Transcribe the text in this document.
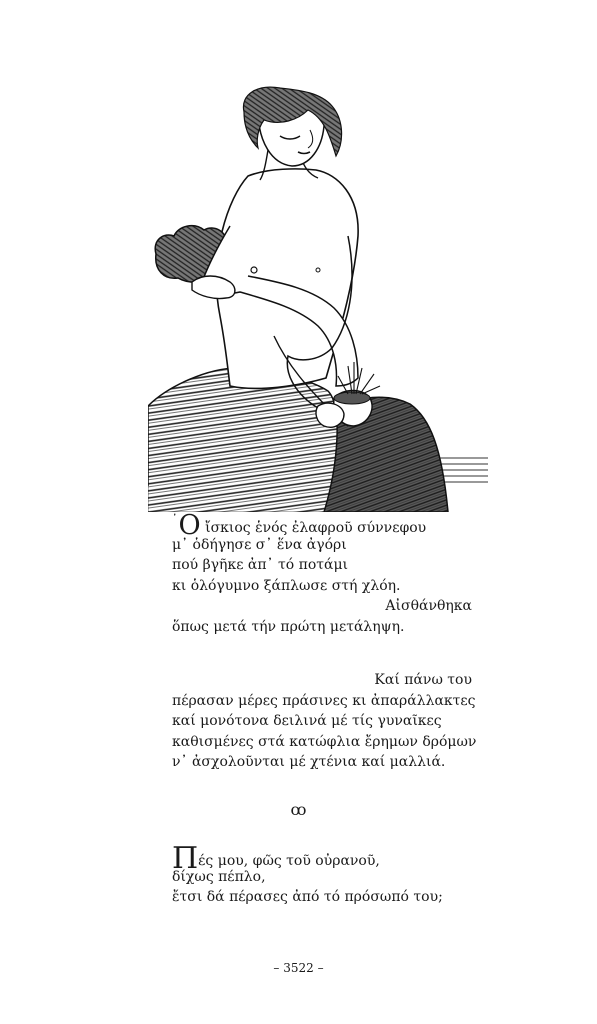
῾Ο ἴσκιος ἑνός ἐλαφροῦ σύννεφου
μ᾽ ὁδήγησε σ᾽ ἕνα ἀγόρι
πού βγῆκε ἀπ᾽ τό ποτάμι
κι ὁλόγυμνο ξάπλωσε στή χλόη.
Αἰσθάνθηκα
ὅπως μετά τήν πρώτη μετάληψη.
Καί πάνω του
πέρασαν μέρες πράσινες κι ἀπαράλλακτες
καί μονότονα δειλινά μέ τίς γυναῖκες
καθισμένες στά κατώφλια ἔρημων δρόμων
ν᾽ ἀσχολοῦνται μέ χτένια καί μαλλιά.
ꝏ
Πές μου, φῶς τοῦ οὐρανοῦ,
δίχως πέπλο,
ἔτσι δά πέρασες ἀπό τό πρόσωπό του;
– 3522 –
